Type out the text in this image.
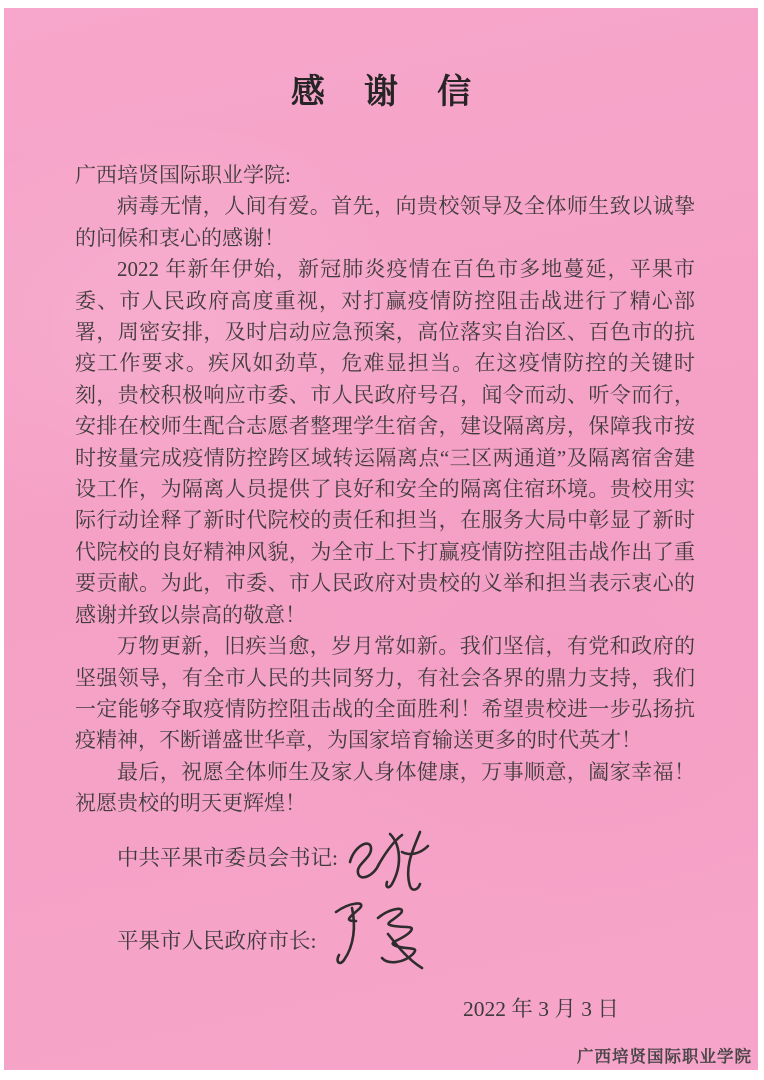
感 谢 信

广西培贤国际职业学院:

病毒无情，人间有爱。首先，向贵校领导及全体师生致以诚挚的问候和衷心的感谢！

2022 年新年伊始，新冠肺炎疫情在百色市多地蔓延，平果市委、市人民政府高度重视，对打赢疫情防控阻击战进行了精心部署，周密安排，及时启动应急预案，高位落实自治区、百色市的抗疫工作要求。疾风如劲草，危难显担当。在这疫情防控的关键时刻，贵校积极响应市委、市人民政府号召，闻令而动、听令而行，安排在校师生配合志愿者整理学生宿舍，建设隔离房，保障我市按时按量完成疫情防控跨区域转运隔离点“三区两通道”及隔离宿舍建设工作，为隔离人员提供了良好和安全的隔离住宿环境。贵校用实际行动诠释了新时代院校的责任和担当，在服务大局中彰显了新时代院校的良好精神风貌，为全市上下打赢疫情防控阻击战作出了重要贡献。为此，市委、市人民政府对贵校的义举和担当表示衷心的感谢并致以崇高的敬意！

万物更新，旧疾当愈，岁月常如新。我们坚信，有党和政府的坚强领导，有全市人民的共同努力，有社会各界的鼎力支持，我们一定能够夺取疫情防控阻击战的全面胜利！希望贵校进一步弘扬抗疫精神，不断谱盛世华章，为国家培育输送更多的时代英才！

最后，祝愿全体师生及家人身体健康，万事顺意，阖家幸福！祝愿贵校的明天更辉煌！

中共平果市委员会书记:
平果市人民政府市长:
2022 年 3 月 3 日
广西培贤国际职业学院
